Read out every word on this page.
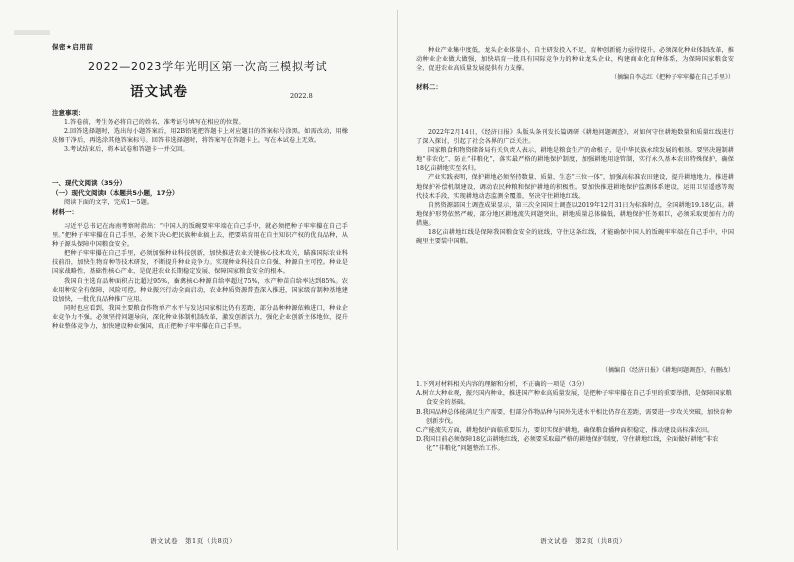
保密★启用前
2022—2023学年光明区第一次高三模拟考试
语文试卷	2022.8

注意事项：

1.答卷前，考生务必将自己的姓名、准考证号填写在相应的位置。

2.回答选择题时，选出每小题答案后，用2B铅笔把答题卡上对应题目的答案标号涂黑。如需改动，用橡皮擦干净后，再选涂其他答案标号。回答非选择题时，将答案写在答题卡上，写在本试卷上无效。

3.考试结束后，将本试卷和答题卡一并交回。

一、现代文阅读（35分）

（一）现代文阅读Ⅰ（本题共5小题，17分）

阅读下面的文字，完成1～5题。

材料一：

习近平总书记在海南考察时指出：“中国人的饭碗要牢牢端在自己手中，就必须把种子牢牢攥在自己手里。”把种子牢牢攥在自己手里，必须下决心把民族种业搞上去，把要培育用在自主知识产权的优良品种，从种子源头保障中国粮食安全。

把种子牢牢攥在自己手里，必须加强种业科技创新，加快推进农业关键核心技术攻关，瞄准国际农业科技前沿，加快生物育种等技术研发，不断提升种业竞争力。实现种业科技自立自强、种源自主可控。种业是国家战略性、基础性核心产业，是促进农业长期稳定发展、保障国家粮食安全的根本。

我国自主选育品种面积占比超过95%，畜禽核心种源自给率超过75%，水产种苗自给率达到85%。农业用种安全有保障，风险可控。种业振兴行动全面启动，农业种质资源普查深入推进，国家级育制种基地建设加快，一批优良品种推广应用。

同时也应看到，我国主要粮食作物单产水平与发达国家相比仍有差距，部分品种种源依赖进口，种业企业竞争力不强。必须坚持问题导向，深化种业体制机制改革，激发创新活力，强化企业创新主体地位，提升种业整体竞争力，加快建设种业强国，真正把种子牢牢攥在自己手里。

语文试卷　第1页（共8页）

种业产业集中度低，龙头企业体量小，自主研发投入不足，育种创新能力亟待提升。必须深化种业体制改革，推动种业企业做大做强，加快培育一批具有国际竞争力的种业龙头企业，构建商业化育种体系，为保障国家粮食安全、促进农业高质量发展提供有力支撑。

（摘编自李志红《把种子牢牢攥在自己手里》）

材料二：

2022年2月14日，《经济日报》头版头条刊发长篇调研《耕地问题调查》，对如何守住耕地数量和质量红线进行了深入探讨，引起了社会各界的广泛关注。

国家粮食和物资储备局有关负责人表示，耕地是粮食生产的命根子，是中华民族永续发展的根基。要坚决遏制耕地“非农化”、防止“非粮化”，落实最严格的耕地保护制度，加强耕地用途管制，实行永久基本农田特殊保护，确保18亿亩耕地实至名归。

产业实践表明，保护耕地必须坚持数量、质量、生态“三位一体”，加强高标准农田建设，提升耕地地力，推进耕地保护补偿机制建设，调动农民种粮和保护耕地的积极性。要加快推进耕地保护监测体系建设，运用卫星遥感等现代技术手段，实现耕地动态监测全覆盖，坚决守住耕地红线。

自然资源部国土调查成果显示，第三次全国国土调查以2019年12月31日为标准时点，全国耕地19.18亿亩。耕地保护形势依然严峻，部分地区耕地流失问题突出，耕地质量总体偏低，耕地保护任务艰巨，必须采取更加有力的措施。

18亿亩耕地红线是保障我国粮食安全的底线，守住这条红线，才能确保中国人的饭碗牢牢端在自己手中，中国碗里主要装中国粮。

（摘编自《经济日报》《耕地问题调查》，有删改）

1.下列对材料相关内容的理解和分析，不正确的一项是（3分）

A.树立大种业观，振兴国内种业，推进国产种业高质量发展，是把种子牢牢攥在自己手里的重要举措，是保障国家粮食安全的基础。

B.我国品种总体能满足生产需要，但部分作物品种与国外先进水平相比仍存在差距，需要进一步攻关突破，加快育种创新步伐。

C.产能流失方面，耕地保护面临重要压力，要切实保护耕地，确保粮食播种面积稳定，推动建设高标准农田。

D.我国目前必须保障18亿亩耕地红线，必须要采取最严格的耕地保护制度，守住耕地红线，全面做好耕地“非农化”“非粮化”问题整治工作。

语文试卷　第2页（共8页）
